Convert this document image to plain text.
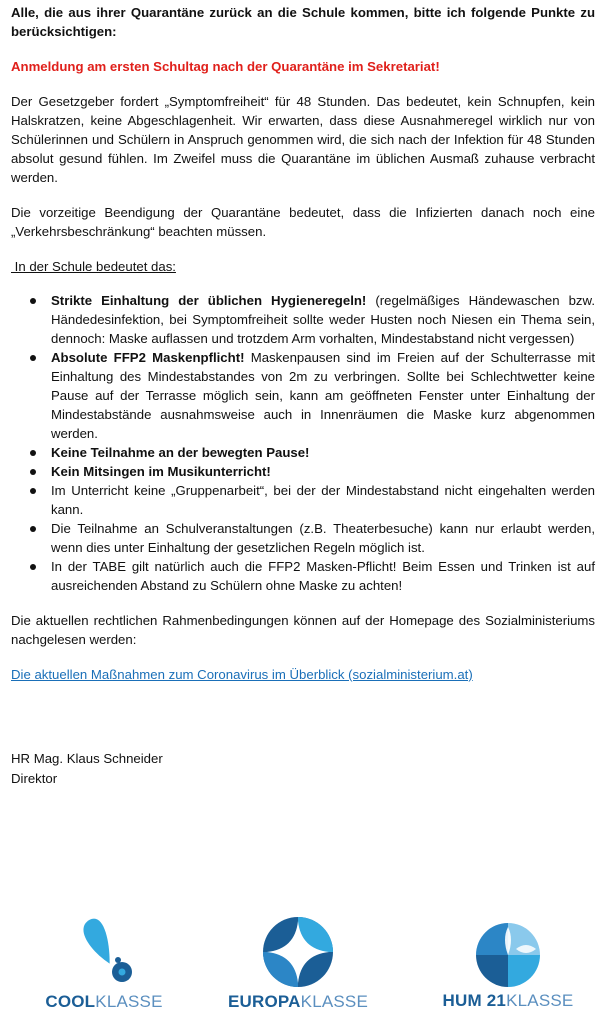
Alle, die aus ihrer Quarantäne zurück an die Schule kommen, bitte ich folgende Punkte zu berücksichtigen:

Anmeldung am ersten Schultag nach der Quarantäne im Sekretariat!

Der Gesetzgeber fordert „Symptomfreiheit“ für 48 Stunden. Das bedeutet, kein Schnupfen, kein Halskratzen, keine Abgeschlagenheit. Wir erwarten, dass diese Ausnahmeregel wirklich nur von Schülerinnen und Schülern in Anspruch genommen wird, die sich nach der Infektion für 48 Stunden absolut gesund fühlen. Im Zweifel muss die Quarantäne im üblichen Ausmaß zuhause verbracht werden.

Die vorzeitige Beendigung der Quarantäne bedeutet, dass die Infizierten danach noch eine „Verkehrsbeschränkung“ beachten müssen.

In der Schule bedeutet das:

Strikte Einhaltung der üblichen Hygieneregeln! (regelmäßiges Händewaschen bzw. Händedesinfektion, bei Symptomfreiheit sollte weder Husten noch Niesen ein Thema sein, dennoch: Maske auflassen und trotzdem Arm vorhalten, Mindestabstand nicht vergessen)
Absolute FFP2 Maskenpflicht! Maskenpausen sind im Freien auf der Schulterrasse mit Einhaltung des Mindestabstandes von 2m zu verbringen. Sollte bei Schlechtwetter keine Pause auf der Terrasse möglich sein, kann am geöffneten Fenster unter Einhaltung der Mindestabstände ausnahmsweise auch in Innenräumen die Maske kurz abgenommen werden.
Keine Teilnahme an der bewegten Pause!
Kein Mitsingen im Musikunterricht!
Im Unterricht keine „Gruppenarbeit“, bei der der Mindestabstand nicht eingehalten werden kann.
Die Teilnahme an Schulveranstaltungen (z.B. Theaterbesuche) kann nur erlaubt werden, wenn dies unter Einhaltung der gesetzlichen Regeln möglich ist.
In der TABE gilt natürlich auch die FFP2 Masken-Pflicht! Beim Essen und Trinken ist auf ausreichenden Abstand zu Schülern ohne Maske zu achten!

Die aktuellen rechtlichen Rahmenbedingungen können auf der Homepage des Sozialministeriums nachgelesen werden:

Die aktuellen Maßnahmen zum Coronavirus im Überblick (sozialministerium.at)

HR Mag. Klaus Schneider
Direktor
COOLKLASSE	EUROPAKLASSE	HUM 21KLASSE
